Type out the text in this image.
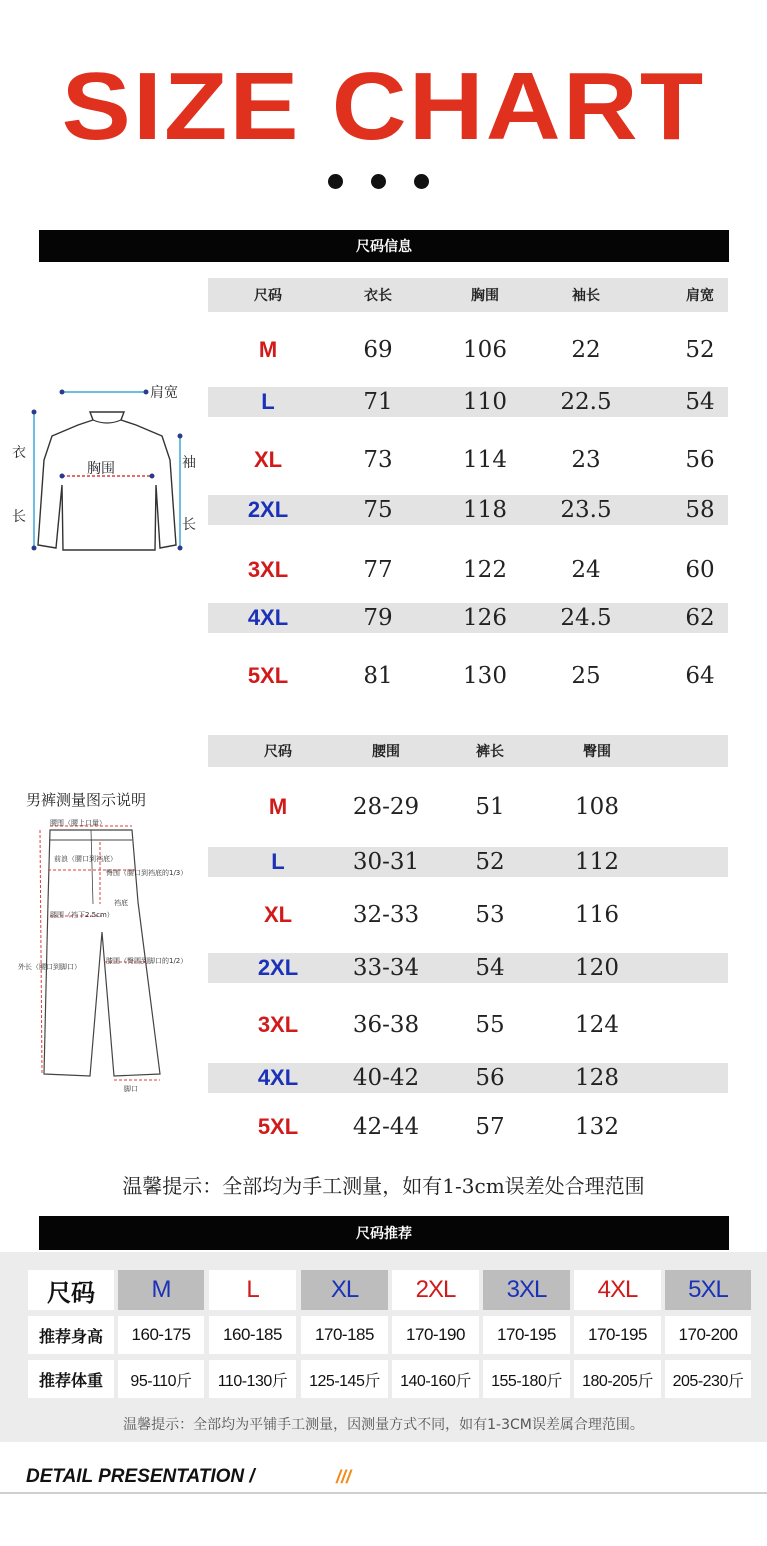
SIZE CHART
尺码信息
肩宽
胸围
衣
长
袖
长
尺码	衣长	胸围	袖长	肩宽
M	69	106	22	52
L	71	110	22.5	54
XL	73	114	23	56
2XL	75	118	23.5	58
3XL	77	122	24	60
4XL	79	126	24.5	62
5XL	81	130	25	64
男裤测量图示说明
腰围（腰上口量）
前浪（腰口到裆底）
臀围（腰口到裆底的1/3）
裆底
腿围（裆下2.5cm）
外长（腰口到脚口）
膝围（臀围到脚口的1/2）
脚口
尺码	腰围	裤长	臀围
M	28-29	51	108
L	30-31	52	112
XL	32-33	53	116
2XL	33-34	54	120
3XL	36-38	55	124
4XL	40-42	56	128
5XL	42-44	57	132
温馨提示：全部均为手工测量，如有1-3cm误差处合理范围
尺码推荐
尺码	M	L	XL	2XL	3XL	4XL	5XL
推荐身高	160-175	160-185	170-185	170-190	170-195	170-195	170-200
推荐体重	95-110斤	110-130斤	125-145斤	140-160斤	155-180斤	180-205斤	205-230斤
温馨提示：全部均为平铺手工测量，因测量方式不同，如有1-3CM误差属合理范围。
DETAIL PRESENTATION /	///
